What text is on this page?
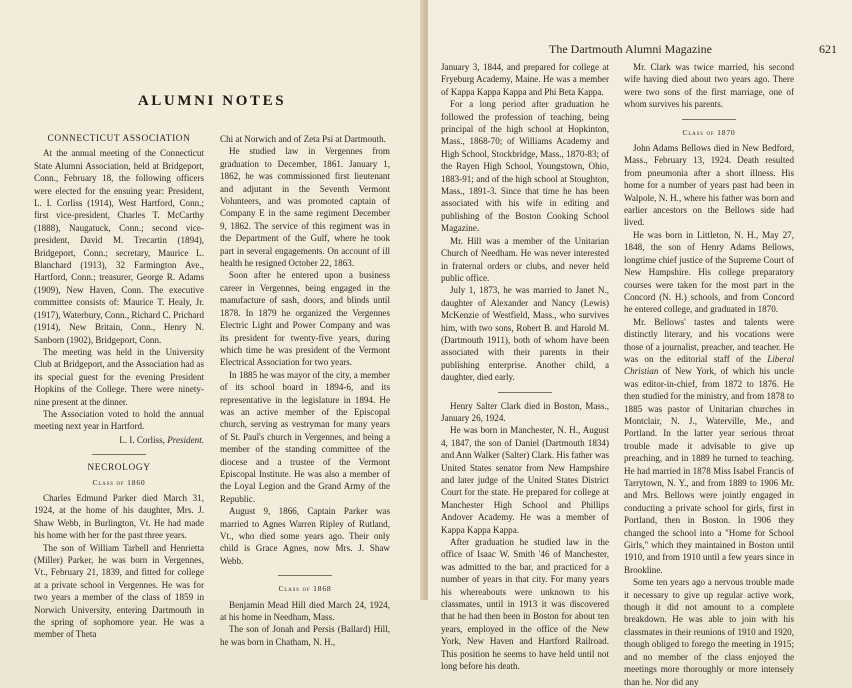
ALUMNI NOTES
CONNECTICUT ASSOCIATION

At the annual meeting of the Connecticut State Alumni Association, held at Bridgeport, Conn., February 18, the following officers were elected for the ensuing year: President, L. I. Corliss (1914), West Hartford, Conn.; first vice-president, Charles T. McCarthy (1888), Naugatuck, Conn.; second vice-president, David M. Trecartin (1894), Bridgeport, Conn.; secretary, Maurice L. Blanchard (1913), 32 Farmington Ave., Hartford, Conn.; treasurer, George R. Adams (1909), New Haven, Conn. The executive committee consists of: Maurice T. Healy, Jr. (1917), Waterbury, Conn., Richard C. Prichard (1914), New Britain, Conn., Henry N. Sanborn (1902), Bridgeport, Conn.

The meeting was held in the University Club at Bridgeport, and the Association had as its special guest for the evening President Hopkins of the College. There were ninety-nine present at the dinner.

The Association voted to hold the annual meeting next year in Hartford.

L. I. Corliss, President.
NECROLOGY
Class of 1860

Charles Edmund Parker died March 31, 1924, at the home of his daughter, Mrs. J. Shaw Webb, in Burlington, Vt. He had made his home with her for the past three years.

The son of William Tarbell and Henrietta (Miller) Parker, he was born in Vergennes, Vt., February 21, 1839, and fitted for college at a private school in Vergennes. He was for two years a member of the class of 1859 in Norwich University, entering Dartmouth in the spring of sophomore year. He was a member of Theta

Chi at Norwich and of Zeta Psi at Dartmouth.

He studied law in Vergennes from graduation to December, 1861. January 1, 1862, he was commissioned first lieutenant and adjutant in the Seventh Vermont Volunteers, and was promoted captain of Company E in the same regiment December 9, 1862. The service of this regiment was in the Department of the Gulf, where he took part in several engagements. On account of ill health he resigned October 22, 1863.

Soon after he entered upon a business career in Vergennes, being engaged in the manufacture of sash, doors, and blinds until 1878. In 1879 he organized the Vergennes Electric Light and Power Company and was its president for twenty-five years, during which time he was president of the Vermont Electrical Association for two years.

In 1885 he was mayor of the city, a member of its school board in 1894-6, and its representative in the legislature in 1894. He was an active member of the Episcopal church, serving as vestryman for many years of St. Paul's church in Vergennes, and being a member of the standing committee of the diocese and a trustee of the Vermont Episcopal Institute. He was also a member of the Loyal Legion and the Grand Army of the Republic.

August 9, 1866, Captain Parker was married to Agnes Warren Ripley of Rutland, Vt., who died some years ago. Their only child is Grace Agnes, now Mrs. J. Shaw Webb.

Class of 1868

Benjamin Mead Hill died March 24, 1924, at his home in Needham, Mass.

The son of Jonah and Persis (Ballard) Hill, he was born in Chatham, N. H.,

The Dartmouth Alumni Magazine	621

January 3, 1844, and prepared for college at Fryeburg Academy, Maine. He was a member of Kappa Kappa Kappa and Phi Beta Kappa.

For a long period after graduation he followed the profession of teaching, being principal of the high school at Hopkinton, Mass., 1868-70; of Williams Academy and High School, Stockbridge, Mass., 1870-83; of the Rayen High School, Youngstown, Ohio, 1883-91; and of the high school at Stoughton, Mass., 1891-3. Since that time he has been associated with his wife in editing and publishing of the Boston Cooking School Magazine.

Mr. Hill was a member of the Unitarian Church of Needham. He was never interested in fraternal orders or clubs, and never held public office.

July 1, 1873, he was married to Janet N., daughter of Alexander and Nancy (Lewis) McKenzie of Westfield, Mass., who survives him, with two sons, Robert B. and Harold M. (Dartmouth 1911), both of whom have been associated with their parents in their publishing enterprise. Another child, a daughter, died early.

Henry Salter Clark died in Boston, Mass., January 26, 1924.

He was born in Manchester, N. H., August 4, 1847, the son of Daniel (Dartmouth 1834) and Ann Walker (Salter) Clark. His father was United States senator from New Hampshire and later judge of the United States District Court for the state. He prepared for college at Manchester High School and Phillips Andover Academy. He was a member of Kappa Kappa Kappa.

After graduation he studied law in the office of Isaac W. Smith '46 of Manchester, was admitted to the bar, and practiced for a number of years in that city. For many years his whereabouts were unknown to his classmates, until in 1913 it was discovered that he had then been in Boston for about ten years, employed in the office of the New York, New Haven and Hartford Railroad. This position he seems to have held until not long before his death.

Mr. Clark was twice married, his second wife having died about two years ago. There were two sons of the first marriage, one of whom survives his parents.

Class of 1870

John Adams Bellows died in New Bedford, Mass., February 13, 1924. Death resulted from pneumonia after a short illness. His home for a number of years past had been in Walpole, N. H., where his father was born and earlier ancestors on the Bellows side had lived.

He was born in Littleton, N. H., May 27, 1848, the son of Henry Adams Bellows, longtime chief justice of the Supreme Court of New Hampshire. His college preparatory courses were taken for the most part in the Concord (N. H.) schools, and from Concord he entered college, and graduated in 1870.

Mr. Bellows' tastes and talents were distinctly literary, and his vocations were those of a journalist, preacher, and teacher. He was on the editorial staff of the Liberal Christian of New York, of which his uncle was editor-in-chief, from 1872 to 1876. He then studied for the ministry, and from 1878 to 1885 was pastor of Unitarian churches in Montclair, N. J., Waterville, Me., and Portland. In the latter year serious throat trouble made it advisable to give up preaching, and in 1889 he turned to teaching. He had married in 1878 Miss Isabel Francis of Tarrytown, N. Y., and from 1889 to 1906 Mr. and Mrs. Bellows were jointly engaged in conducting a private school for girls, first in Portland, then in Boston. In 1906 they changed the school into a "Home for School Girls," which they maintained in Boston until 1910, and from 1910 until a few years since in Brookline.

Some ten years ago a nervous trouble made it necessary to give up regular active work, though it did not amount to a complete breakdown. He was able to join with his classmates in their reunions of 1910 and 1920, though obliged to forego the meeting in 1915; and no member of the class enjoyed the meetings more thoroughly or more intensely than he. Nor did any
